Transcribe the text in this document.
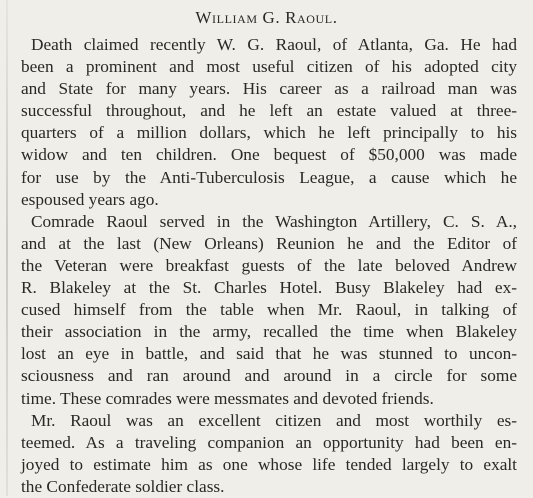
William G. Raoul.
Death claimed recently W. G. Raoul, of Atlanta, Ga. He had
been a prominent and most useful citizen of his adopted city
and State for many years. His career as a railroad man was
successful throughout, and he left an estate valued at three-
quarters of a million dollars, which he left principally to his
widow and ten children. One bequest of $50,000 was made
for use by the Anti-Tuberculosis League, a cause which he
espoused years ago.
Comrade Raoul served in the Washington Artillery, C. S. A.,
and at the last (New Orleans) Reunion he and the Editor of
the Veteran were breakfast guests of the late beloved Andrew
R. Blakeley at the St. Charles Hotel. Busy Blakeley had ex-
cused himself from the table when Mr. Raoul, in talking of
their association in the army, recalled the time when Blakeley
lost an eye in battle, and said that he was stunned to uncon-
sciousness and ran around and around in a circle for some
time. These comrades were messmates and devoted friends.
Mr. Raoul was an excellent citizen and most worthily es-
teemed. As a traveling companion an opportunity had been en-
joyed to estimate him as one whose life tended largely to exalt
the Confederate soldier class.
